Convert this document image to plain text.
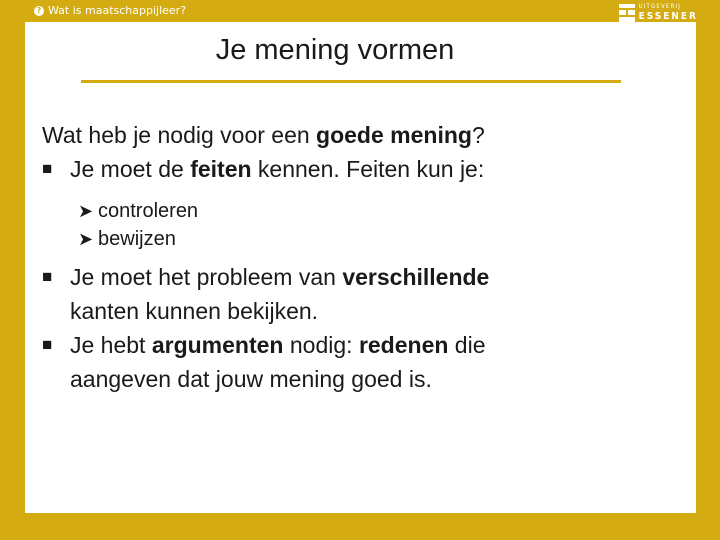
? Wat is maatschappijleer?	UITGEVERIJ
ESSENER
Wat heb je nodig voor een goede mening?
■ Je moet de feiten kennen. Feiten kun je:
➤ controleren
➤ bewijzen
■ Je moet het probleem van verschillende
kanten kunnen bekijken.
■ Je hebt argumenten nodig: redenen die
aangeven dat jouw mening goed is.
Je mening vormen
